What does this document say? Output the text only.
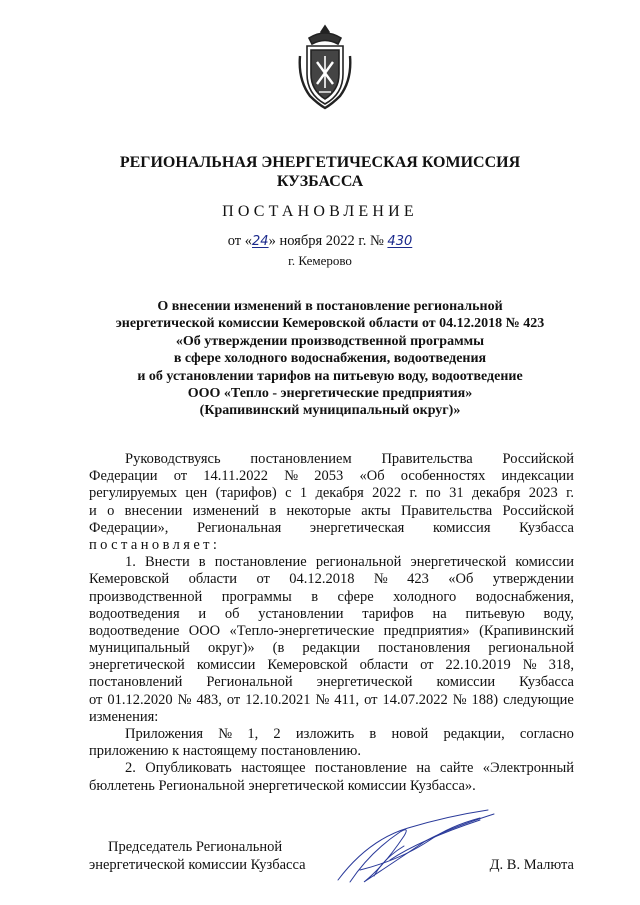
РЕГИОНАЛЬНАЯ ЭНЕРГЕТИЧЕСКАЯ КОМИССИЯ
КУЗБАССА
ПОСТАНОВЛЕНИЕ
от «24» ноября 2022 г. № 430
г. Кемерово
О внесении изменений в постановление региональной
энергетической комиссии Кемеровской области от 04.12.2018 № 423
«Об утверждении производственной программы
в сфере холодного водоснабжения, водоотведения
и об установлении тарифов на питьевую воду, водоотведение
ООО «Тепло - энергетические предприятия»
(Крапивинский муниципальный округ)»
Руководствуясь постановлением Правительства Российской
Федерации от 14.11.2022 № 2053 «Об особенностях индексации
регулируемых цен (тарифов) с 1 декабря 2022 г. по 31 декабря 2023 г.
и о внесении изменений в некоторые акты Правительства Российской
Федерации», Региональная энергетическая комиссия Кузбасса
постановляет:
1. Внести в постановление региональной энергетической комиссии
Кемеровской области от 04.12.2018 № 423 «Об утверждении
производственной программы в сфере холодного водоснабжения,
водоотведения и об установлении тарифов на питьевую воду,
водоотведение ООО «Тепло-энергетические предприятия» (Крапивинский
муниципальный округ)» (в редакции постановления региональной
энергетической комиссии Кемеровской области от 22.10.2019 № 318,
постановлений Региональной энергетической комиссии Кузбасса
от 01.12.2020 № 483, от 12.10.2021 № 411, от 14.07.2022 № 188) следующие
изменения:
Приложения № 1, 2 изложить в новой редакции, согласно
приложению к настоящему постановлению.
2. Опубликовать настоящее постановление на сайте «Электронный
бюллетень Региональной энергетической комиссии Кузбасса».
Председатель Региональной
энергетической комиссии Кузбасса	Д. В. Малюта
